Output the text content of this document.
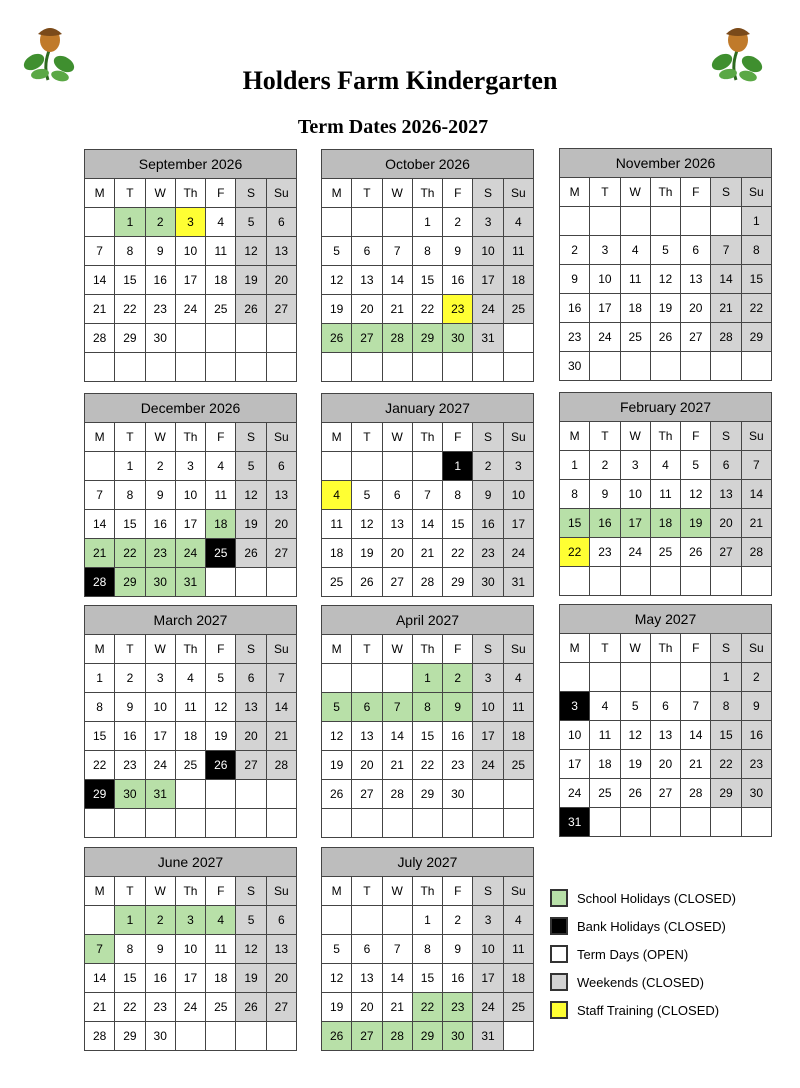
Holders Farm Kindergarten
Term Dates 2026-2027
September 2026						
M	T	W	Th	F	S	Su
	1	2	3	4	5	6
7	8	9	10	11	12	13
14	15	16	17	18	19	20
21	22	23	24	25	26	27
28	29	30				

October 2026						
M	T	W	Th	F	S	Su
			1	2	3	4
5	6	7	8	9	10	11
12	13	14	15	16	17	18
19	20	21	22	23	24	25
26	27	28	29	30	31	

November 2026						
M	T	W	Th	F	S	Su
						1
2	3	4	5	6	7	8
9	10	11	12	13	14	15
16	17	18	19	20	21	22
23	24	25	26	27	28	29
30						
December 2026						
M	T	W	Th	F	S	Su
	1	2	3	4	5	6
7	8	9	10	11	12	13
14	15	16	17	18	19	20
21	22	23	24	25	26	27
28	29	30	31			
January 2027						
M	T	W	Th	F	S	Su
				1	2	3
4	5	6	7	8	9	10
11	12	13	14	15	16	17
18	19	20	21	22	23	24
25	26	27	28	29	30	31
February 2027						
M	T	W	Th	F	S	Su
1	2	3	4	5	6	7
8	9	10	11	12	13	14
15	16	17	18	19	20	21
22	23	24	25	26	27	28

March 2027						
M	T	W	Th	F	S	Su
1	2	3	4	5	6	7
8	9	10	11	12	13	14
15	16	17	18	19	20	21
22	23	24	25	26	27	28
29	30	31				

April 2027						
M	T	W	Th	F	S	Su
			1	2	3	4
5	6	7	8	9	10	11
12	13	14	15	16	17	18
19	20	21	22	23	24	25
26	27	28	29	30		

May 2027						
M	T	W	Th	F	S	Su
					1	2
3	4	5	6	7	8	9
10	11	12	13	14	15	16
17	18	19	20	21	22	23
24	25	26	27	28	29	30
31						
June 2027						
M	T	W	Th	F	S	Su
	1	2	3	4	5	6
7	8	9	10	11	12	13
14	15	16	17	18	19	20
21	22	23	24	25	26	27
28	29	30				
July 2027						
M	T	W	Th	F	S	Su
			1	2	3	4
5	6	7	8	9	10	11
12	13	14	15	16	17	18
19	20	21	22	23	24	25
26	27	28	29	30	31	
School Holidays (CLOSED)
Bank Holidays (CLOSED)
Term Days (OPEN)
Weekends (CLOSED)
Staff Training (CLOSED)
